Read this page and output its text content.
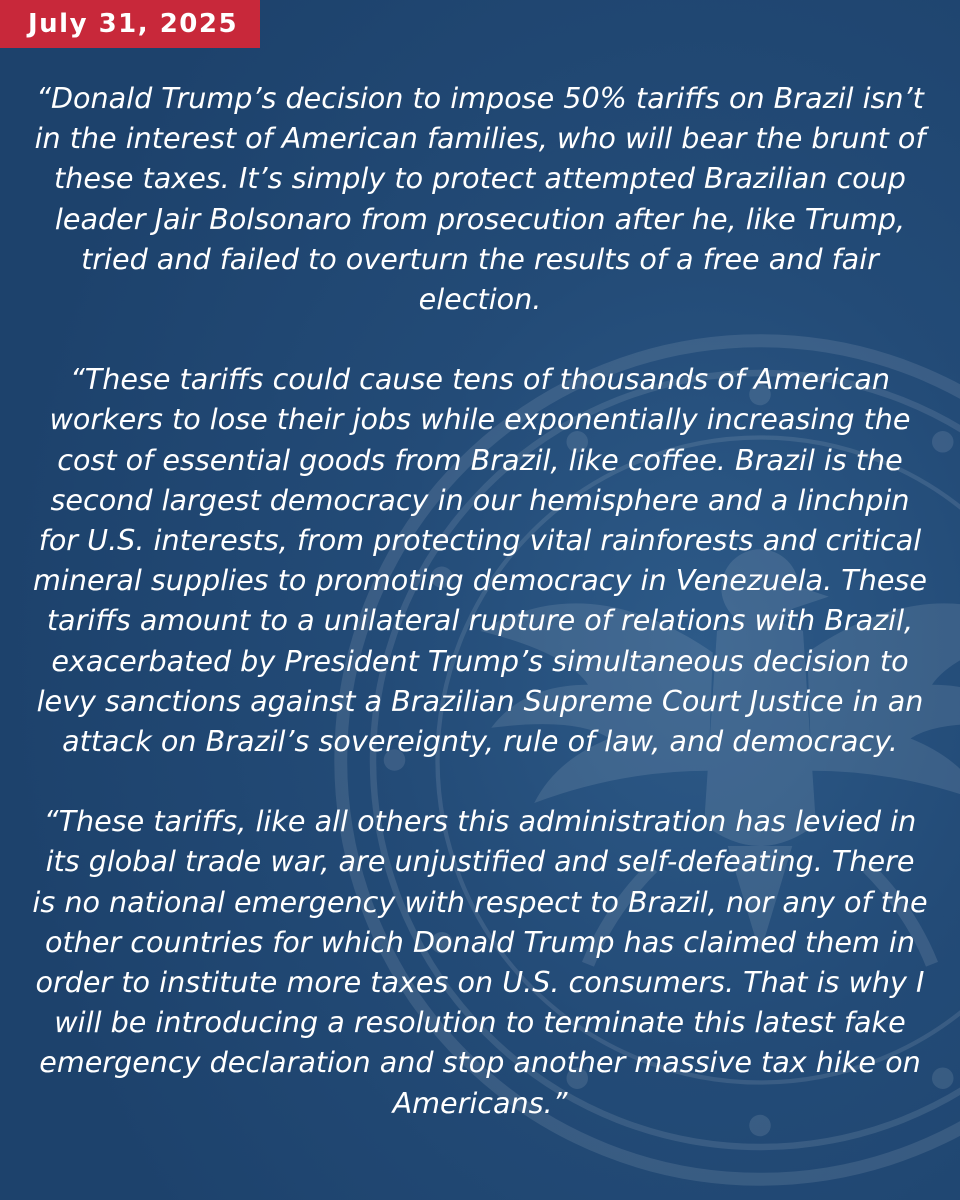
July 31, 2025

“Donald Trump’s decision to impose 50% tariffs on Brazil isn’t in the interest of American families, who will bear the brunt of these taxes. It’s simply to protect attempted Brazilian coup leader Jair Bolsonaro from prosecution after he, like Trump, tried and failed to overturn the results of a free and fair election.

“These tariffs could cause tens of thousands of American workers to lose their jobs while exponentially increasing the cost of essential goods from Brazil, like coffee. Brazil is the second largest democracy in our hemisphere and a linchpin for U.S. interests, from protecting vital rainforests and critical mineral supplies to promoting democracy in Venezuela. These tariffs amount to a unilateral rupture of relations with Brazil, exacerbated by President Trump’s simultaneous decision to levy sanctions against a Brazilian Supreme Court Justice in an attack on Brazil’s sovereignty, rule of law, and democracy.

“These tariffs, like all others this administration has levied in its global trade war, are unjustified and self-defeating. There is no national emergency with respect to Brazil, nor any of the other countries for which Donald Trump has claimed them in order to institute more taxes on U.S. consumers. That is why I will be introducing a resolution to terminate this latest fake emergency declaration and stop another massive tax hike on Americans.”
